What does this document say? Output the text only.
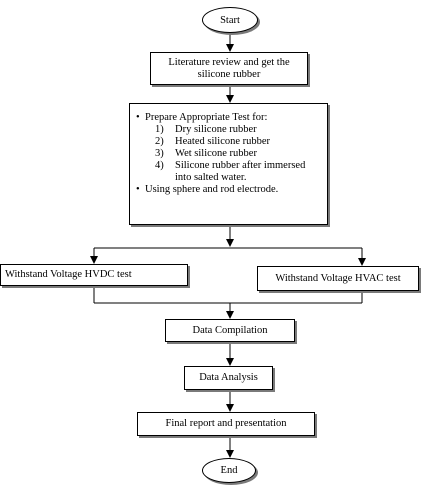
Start
Literature review and get the silicone rubber
• Prepare Appropriate Test for:
1)	Dry silicone rubber
2)	Heated silicone rubber
3)	Wet silicone rubber
4)	Silicone rubber after immersed
into salted water.
• Using sphere and rod electrode.
Withstand Voltage HVDC test	Withstand Voltage HVAC test
Data Compilation
Data Analysis
Final report and presentation
End
